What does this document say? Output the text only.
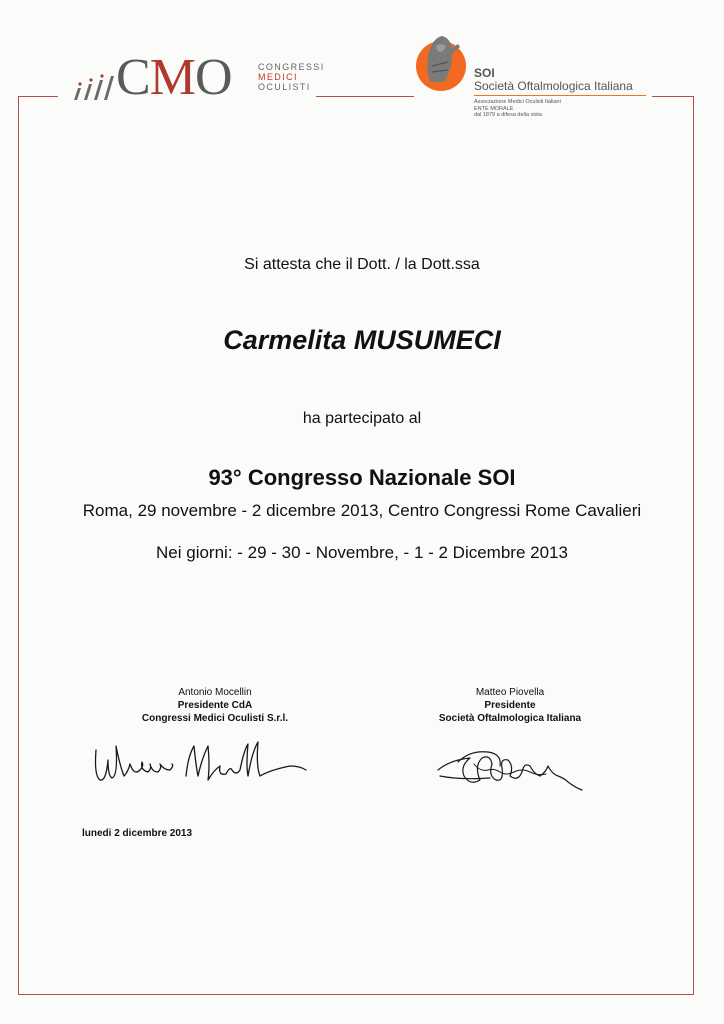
CMO	CONGRESSI
MEDICI
OCULISTI
SOI
Società Oftalmologica Italiana
Associazione Medici Oculisti Italiani
ENTE MORALE
dal 1879 a difesa della vista
Si attesta che il Dott. / la Dott.ssa
Carmelita MUSUMECI
ha partecipato al
93° Congresso Nazionale SOI
Roma, 29 novembre - 2 dicembre 2013, Centro Congressi Rome Cavalieri
Nei giorni: - 29 - 30 - Novembre, - 1 - 2 Dicembre 2013
Antonio Mocellin
Presidente CdA
Congressi Medici Oculisti S.r.l.
Matteo Piovella
Presidente
Società Oftalmologica Italiana
lunedi 2 dicembre 2013
